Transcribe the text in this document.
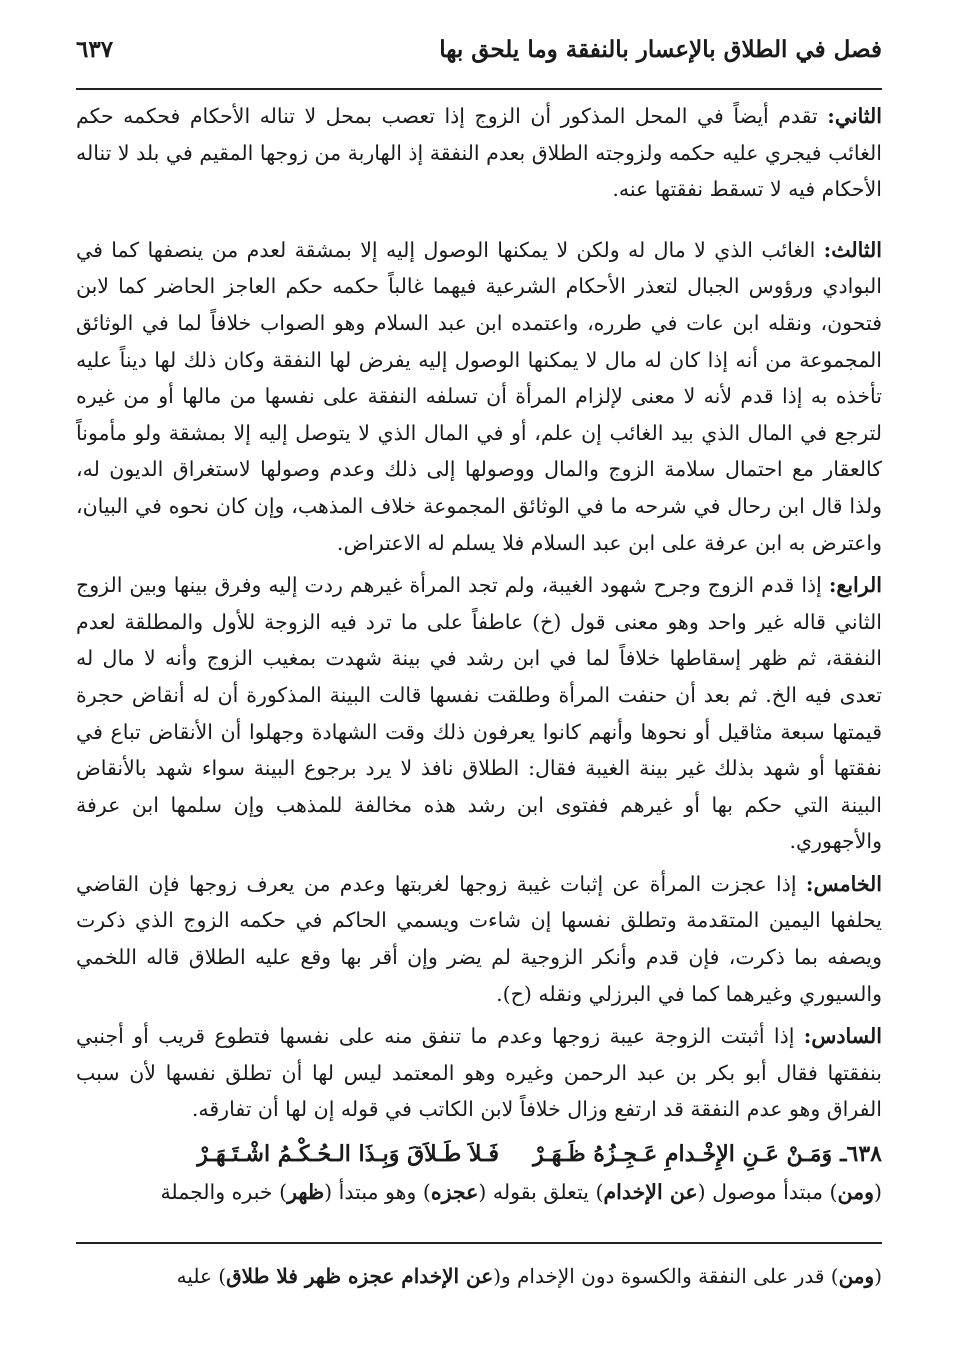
فصل في الطلاق بالإعسار بالنفقة وما يلحق بها
٦٣٧

الثاني: تقدم أيضاً في المحل المذكور أن الزوج إذا تعصب بمحل لا تناله الأحكام فحكمه حكم الغائب فيجري عليه حكمه ولزوجته الطلاق بعدم النفقة إذ الهاربة من زوجها المقيم في بلد لا تناله الأحكام فيه لا تسقط نفقتها عنه.

الثالث: الغائب الذي لا مال له ولكن لا يمكنها الوصول إليه إلا بمشقة لعدم من ينصفها كما في البوادي ورؤوس الجبال لتعذر الأحكام الشرعية فيهما غالباً حكمه حكم العاجز الحاضر كما لابن فتحون، ونقله ابن عات في طرره، واعتمده ابن عبد السلام وهو الصواب خلافاً لما في الوثائق المجموعة من أنه إذا كان له مال لا يمكنها الوصول إليه يفرض لها النفقة وكان ذلك لها ديناً عليه تأخذه به إذا قدم لأنه لا معنى لإلزام المرأة أن تسلفه النفقة على نفسها من مالها أو من غيره لترجع في المال الذي بيد الغائب إن علم، أو في المال الذي لا يتوصل إليه إلا بمشقة ولو مأموناً كالعقار مع احتمال سلامة الزوج والمال ووصولها إلى ذلك وعدم وصولها لاستغراق الديون له، ولذا قال ابن رحال في شرحه ما في الوثائق المجموعة خلاف المذهب، وإن كان نحوه في البيان، واعترض به ابن عرفة على ابن عبد السلام فلا يسلم له الاعتراض.

الرابع: إذا قدم الزوج وجرح شهود الغيبة، ولم تجد المرأة غيرهم ردت إليه وفرق بينها وبين الزوج الثاني قاله غير واحد وهو معنى قول (خ) عاطفاً على ما ترد فيه الزوجة للأول والمطلقة لعدم النفقة، ثم ظهر إسقاطها خلافاً لما في ابن رشد في بينة شهدت بمغيب الزوج وأنه لا مال له تعدى فيه الخ. ثم بعد أن حنفت المرأة وطلقت نفسها قالت البينة المذكورة أن له أنقاض حجرة قيمتها سبعة مثاقيل أو نحوها وأنهم كانوا يعرفون ذلك وقت الشهادة وجهلوا أن الأنقاض تباع في نفقتها أو شهد بذلك غير بينة الغيبة فقال: الطلاق نافذ لا يرد برجوع البينة سواء شهد بالأنقاض البينة التي حكم بها أو غيرهم ففتوى ابن رشد هذه مخالفة للمذهب وإن سلمها ابن عرفة والأجهوري.

الخامس: إذا عجزت المرأة عن إثبات غيبة زوجها لغربتها وعدم من يعرف زوجها فإن القاضي يحلفها اليمين المتقدمة وتطلق نفسها إن شاءت ويسمي الحاكم في حكمه الزوج الذي ذكرت ويصفه بما ذكرت، فإن قدم وأنكر الزوجية لم يضر وإن أقر بها وقع عليه الطلاق قاله اللخمي والسيوري وغيرهما كما في البرزلي ونقله (ح).

السادس: إذا أثبتت الزوجة عيبة زوجها وعدم ما تنفق منه على نفسها فتطوع قريب أو أجنبي بنفقتها فقال أبو بكر بن عبد الرحمن وغيره وهو المعتمد ليس لها أن تطلق نفسها لأن سبب الفراق وهو عدم النفقة قد ارتفع وزال خلافاً لابن الكاتب في قوله إن لها أن تفارقه.

٦٣٨ـوَمَـنْ عَـنِ الإِخْـدامِ عَـجِـزُهُ ظَـهَـرْفَـلاَ طَـلاَقَ وَبِـذَا الـحُـكْـمُ اشْـتَـهَـرْ

(ومن) مبتدأ موصول (عن الإخدام) يتعلق بقوله (عجزه) وهو مبتدأ (ظهر) خبره والجملة

(ومن) قدر على النفقة والكسوة دون الإخدام و(عن الإخدام عجزه ظهر فلا طلاق) عليه
